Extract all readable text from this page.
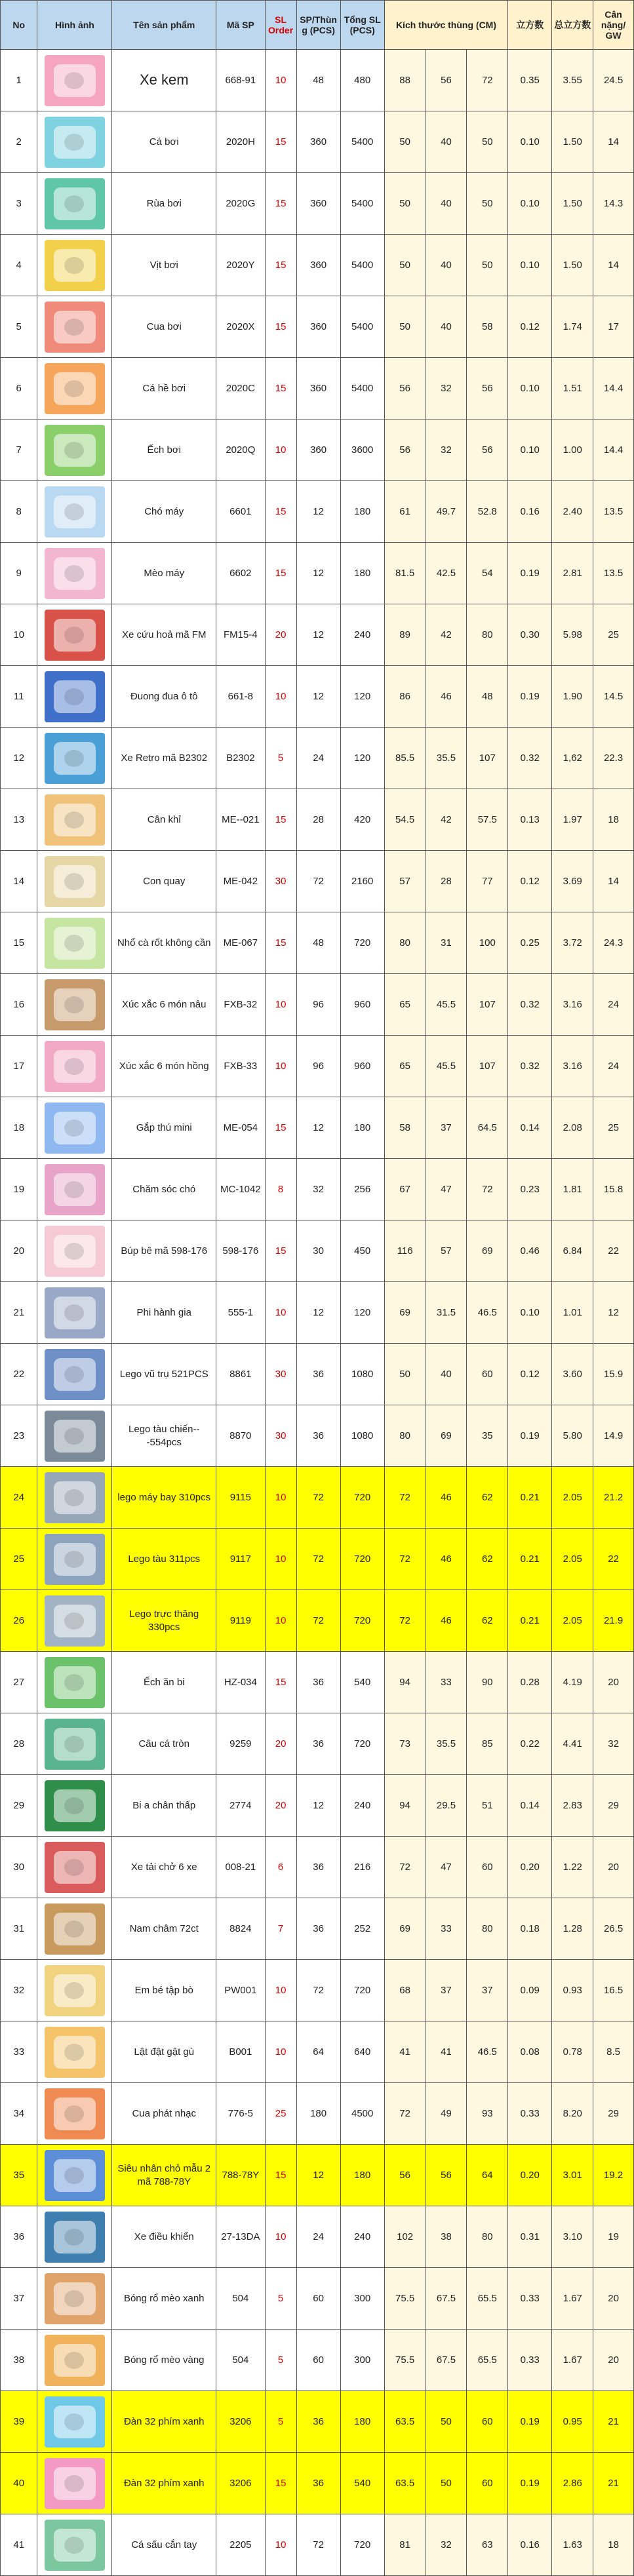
No	Hình ảnh	Tên sản phẩm	Mã SP	SL Order	SP/Thùng (PCS)	Tổng SL (PCS)	Kích thước thùng (CM)			立方数	总立方数	Cân nặng/ GW
1		Xe kem	668-91	10	48	480	88	56	72	0.35	3.55	24.5
2		Cá bơi	2020H	15	360	5400	50	40	50	0.10	1.50	14
3		Rùa bơi	2020G	15	360	5400	50	40	50	0.10	1.50	14.3
4		Vịt bơi	2020Y	15	360	5400	50	40	50	0.10	1.50	14
5		Cua bơi	2020X	15	360	5400	50	40	58	0.12	1.74	17
6		Cá hề bơi	2020C	15	360	5400	56	32	56	0.10	1.51	14.4
7		Ếch bơi	2020Q	10	360	3600	56	32	56	0.10	1.00	14.4
8		Chó máy	6601	15	12	180	61	49.7	52.8	0.16	2.40	13.5
9		Mèo máy	6602	15	12	180	81.5	42.5	54	0.19	2.81	13.5
10		Xe cứu hoả mã FM	FM15-4	20	12	240	89	42	80	0.30	5.98	25
11		Đuong đua ô tô	661-8	10	12	120	86	46	48	0.19	1.90	14.5
12		Xe Retro mã B2302	B2302	5	24	120	85.5	35.5	107	0.32	1,62	22.3
13		Cân khỉ	ME--021	15	28	420	54.5	42	57.5	0.13	1.97	18
14		Con quay	ME-042	30	72	2160	57	28	77	0.12	3.69	14
15		Nhổ cà rốt không cần	ME-067	15	48	720	80	31	100	0.25	3.72	24.3
16		Xúc xắc 6 món nâu	FXB-32	10	96	960	65	45.5	107	0.32	3.16	24
17		Xúc xắc 6 món hồng	FXB-33	10	96	960	65	45.5	107	0.32	3.16	24
18		Gắp thú mini	ME-054	15	12	180	58	37	64.5	0.14	2.08	25
19		Chăm sóc chó	MC-1042	8	32	256	67	47	72	0.23	1.81	15.8
20		Búp bê mã 598-176	598-176	15	30	450	116	57	69	0.46	6.84	22
21		Phi hành gia	555-1	10	12	120	69	31.5	46.5	0.10	1.01	12
22		Lego vũ trụ 521PCS	8861	30	36	1080	50	40	60	0.12	3.60	15.9
23		Lego tàu chiến---554pcs	8870	30	36	1080	80	69	35	0.19	5.80	14.9
24		lego máy bay 310pcs	9115	10	72	720	72	46	62	0.21	2.05	21.2
25		Lego tàu 311pcs	9117	10	72	720	72	46	62	0.21	2.05	22
26		Lego trực thăng 330pcs	9119	10	72	720	72	46	62	0.21	2.05	21.9
27		Ếch ăn bi	HZ-034	15	36	540	94	33	90	0.28	4.19	20
28		Câu cá tròn	9259	20	36	720	73	35.5	85	0.22	4.41	32
29		Bi a chân thấp	2774	20	12	240	94	29.5	51	0.14	2.83	29
30		Xe tải chở 6 xe	008-21	6	36	216	72	47	60	0.20	1.22	20
31		Nam châm 72ct	8824	7	36	252	69	33	80	0.18	1.28	26.5
32		Em bé tập bò	PW001	10	72	720	68	37	37	0.09	0.93	16.5
33		Lật đật gật gù	B001	10	64	640	41	41	46.5	0.08	0.78	8.5
34		Cua phát nhạc	776-5	25	180	4500	72	49	93	0.33	8.20	29
35		Siêu nhân chỏ mẫu 2 mã 788-78Y	788-78Y	15	12	180	56	56	64	0.20	3.01	19.2
36		Xe điều khiển	27-13DA	10	24	240	102	38	80	0.31	3.10	19
37		Bóng rổ mèo xanh	504	5	60	300	75.5	67.5	65.5	0.33	1.67	20
38		Bóng rổ mèo vàng	504	5	60	300	75.5	67.5	65.5	0.33	1.67	20
39		Đàn 32 phím xanh	3206	5	36	180	63.5	50	60	0.19	0.95	21
40		Đàn 32 phím xanh	3206	15	36	540	63.5	50	60	0.19	2.86	21
41		Cá sấu cắn tay	2205	10	72	720	81	32	63	0.16	1.63	18
